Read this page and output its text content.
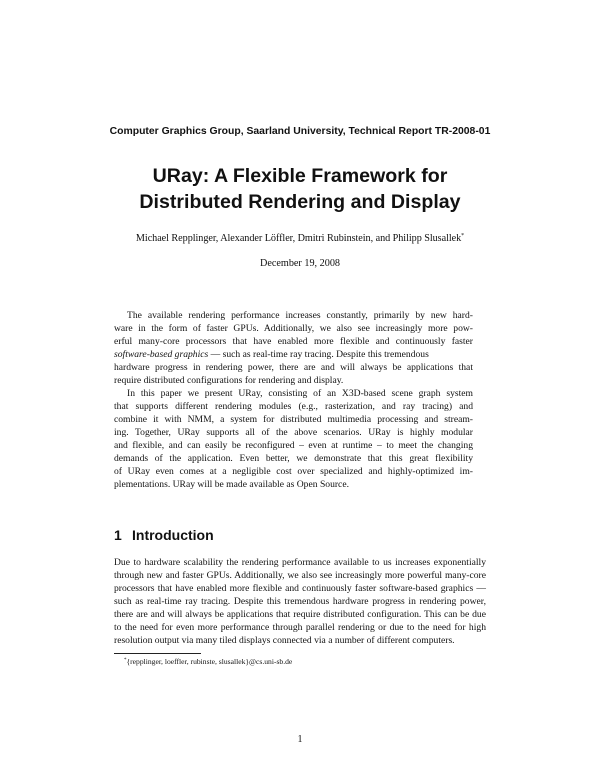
Computer Graphics Group, Saarland University, Technical Report TR-2008-01
URay: A Flexible Framework for
Distributed Rendering and Display
Michael Repplinger, Alexander Löffler, Dmitri Rubinstein, and Philipp Slusallek*
December 19, 2008
The available rendering performance increases constantly, primarily by new hard-
ware in the form of faster GPUs. Additionally, we also see increasingly more pow-
erful many-core processors that have enabled more flexible and continuously faster
software-based graphics — such as real-time ray tracing. Despite this tremendous
hardware progress in rendering power, there are and will always be applications that
require distributed configurations for rendering and display.
In this paper we present URay, consisting of an X3D-based scene graph system
that supports different rendering modules (e.g., rasterization, and ray tracing) and
combine it with NMM, a system for distributed multimedia processing and stream-
ing. Together, URay supports all of the above scenarios. URay is highly modular
and flexible, and can easily be reconfigured – even at runtime – to meet the changing
demands of the application. Even better, we demonstrate that this great flexibility
of URay even comes at a negligible cost over specialized and highly-optimized im-
plementations. URay will be made available as Open Source.
1 Introduction
Due to hardware scalability the rendering performance available to us increases exponentially
through new and faster GPUs. Additionally, we also see increasingly more powerful many-core
processors that have enabled more flexible and continuously faster software-based graphics —
such as real-time ray tracing. Despite this tremendous hardware progress in rendering power,
there are and will always be applications that require distributed configuration. This can be due
to the need for even more performance through parallel rendering or due to the need for high
resolution output via many tiled displays connected via a number of different computers.
*{repplinger, loeffler, rubinste, slusallek}@cs.uni-sb.de
1
